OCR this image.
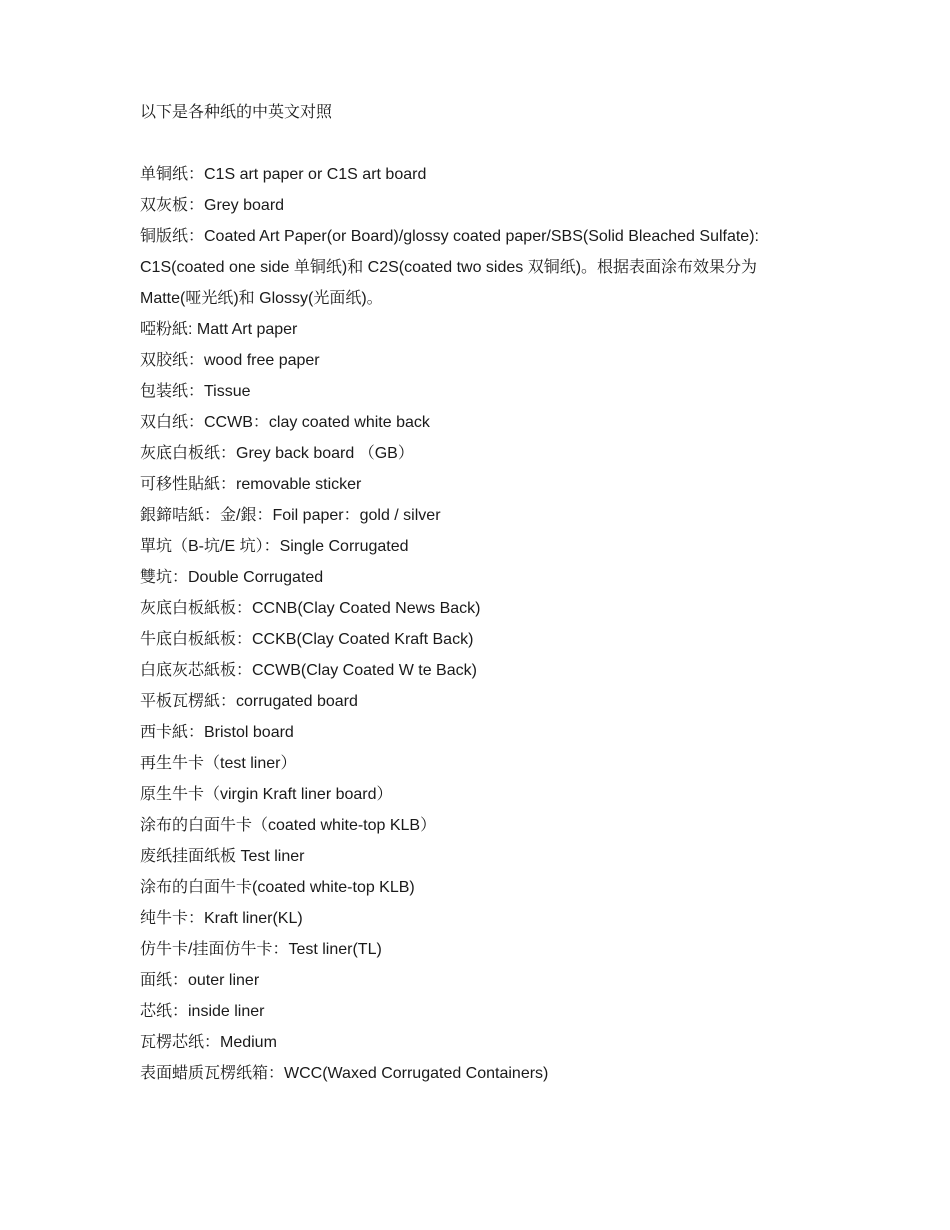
以下是各种纸的中英文对照
单铜纸：C1S art paper or C1S art board
双灰板：Grey board
铜版纸：Coated Art Paper(or Board)/glossy coated paper/SBS(Solid Bleached Sulfate): C1S(coated one side 单铜纸)和 C2S(coated two sides 双铜纸)。根据表面涂布效果分为 Matte(哑光纸)和 Glossy(光面纸)。
啞粉紙: Matt Art paper
双胶纸：wood free paper
包装纸：Tissue
双白纸：CCWB：clay coated white back
灰底白板纸：Grey back board （GB）
可移性貼紙：removable sticker
銀鍗咭紙：金/銀：Foil paper：gold / silver
單坑（B-坑/E 坑）：Single Corrugated
雙坑：Double Corrugated
灰底白板紙板：CCNB(Clay Coated News Back)
牛底白板紙板：CCKB(Clay Coated Kraft Back)
白底灰芯紙板：CCWB(Clay Coated W te Back)
平板瓦楞紙：corrugated board
西卡紙：Bristol board
再生牛卡（test liner）
原生牛卡（virgin Kraft liner board）
涂布的白面牛卡（coated white-top KLB）
废纸挂面纸板 Test liner
涂布的白面牛卡(coated white-top KLB)
纯牛卡：Kraft liner(KL)
仿牛卡/挂面仿牛卡：Test liner(TL)
面纸：outer liner
芯纸：inside liner
瓦楞芯纸：Medium
表面蜡质瓦楞纸箱：WCC(Waxed Corrugated Containers)
